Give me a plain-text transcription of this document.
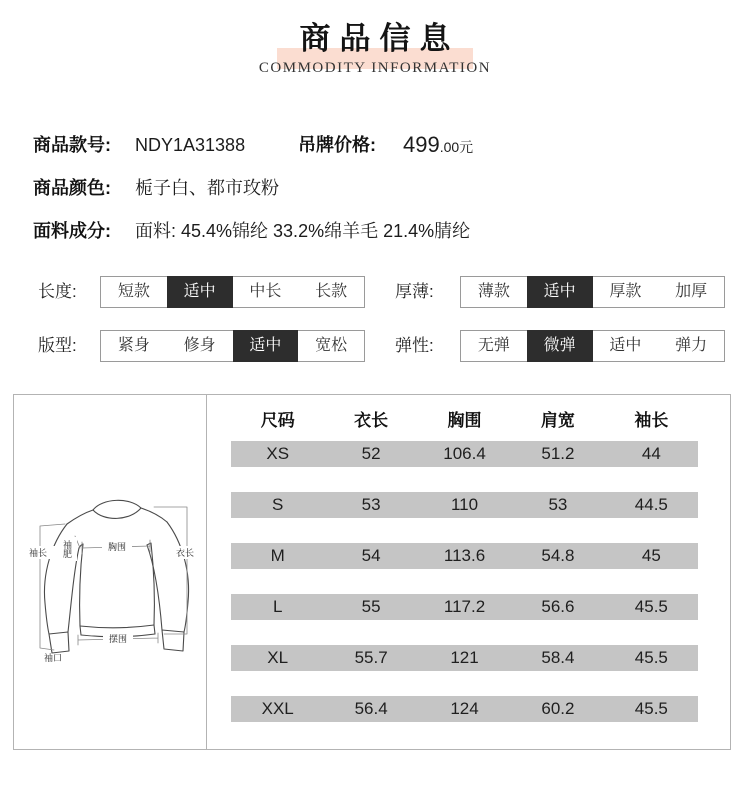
商品信息
COMMODITY INFORMATION
商品款号: NDY1A31388	吊牌价格: 499.00元
商品颜色: 栀子白、都市玫粉
面料成分: 面料: 45.4%锦纶 33.2%绵羊毛 21.4%腈纶
长度:	短款	适中	中长	长款	厚薄:	薄款	适中	厚款	加厚
版型:	紧身	修身	适中	宽松	弹性:	无弹	微弹	适中	弹力
袖长	衣长
胸围
摆围
袖肥
袖口
尺码	衣长	胸围	肩宽	袖长
XS	52	106.4	51.2	44
S	53	110	53	44.5
M	54	113.6	54.8	45
L	55	117.2	56.6	45.5
XL	55.7	121	58.4	45.5
XXL	56.4	124	60.2	45.5
